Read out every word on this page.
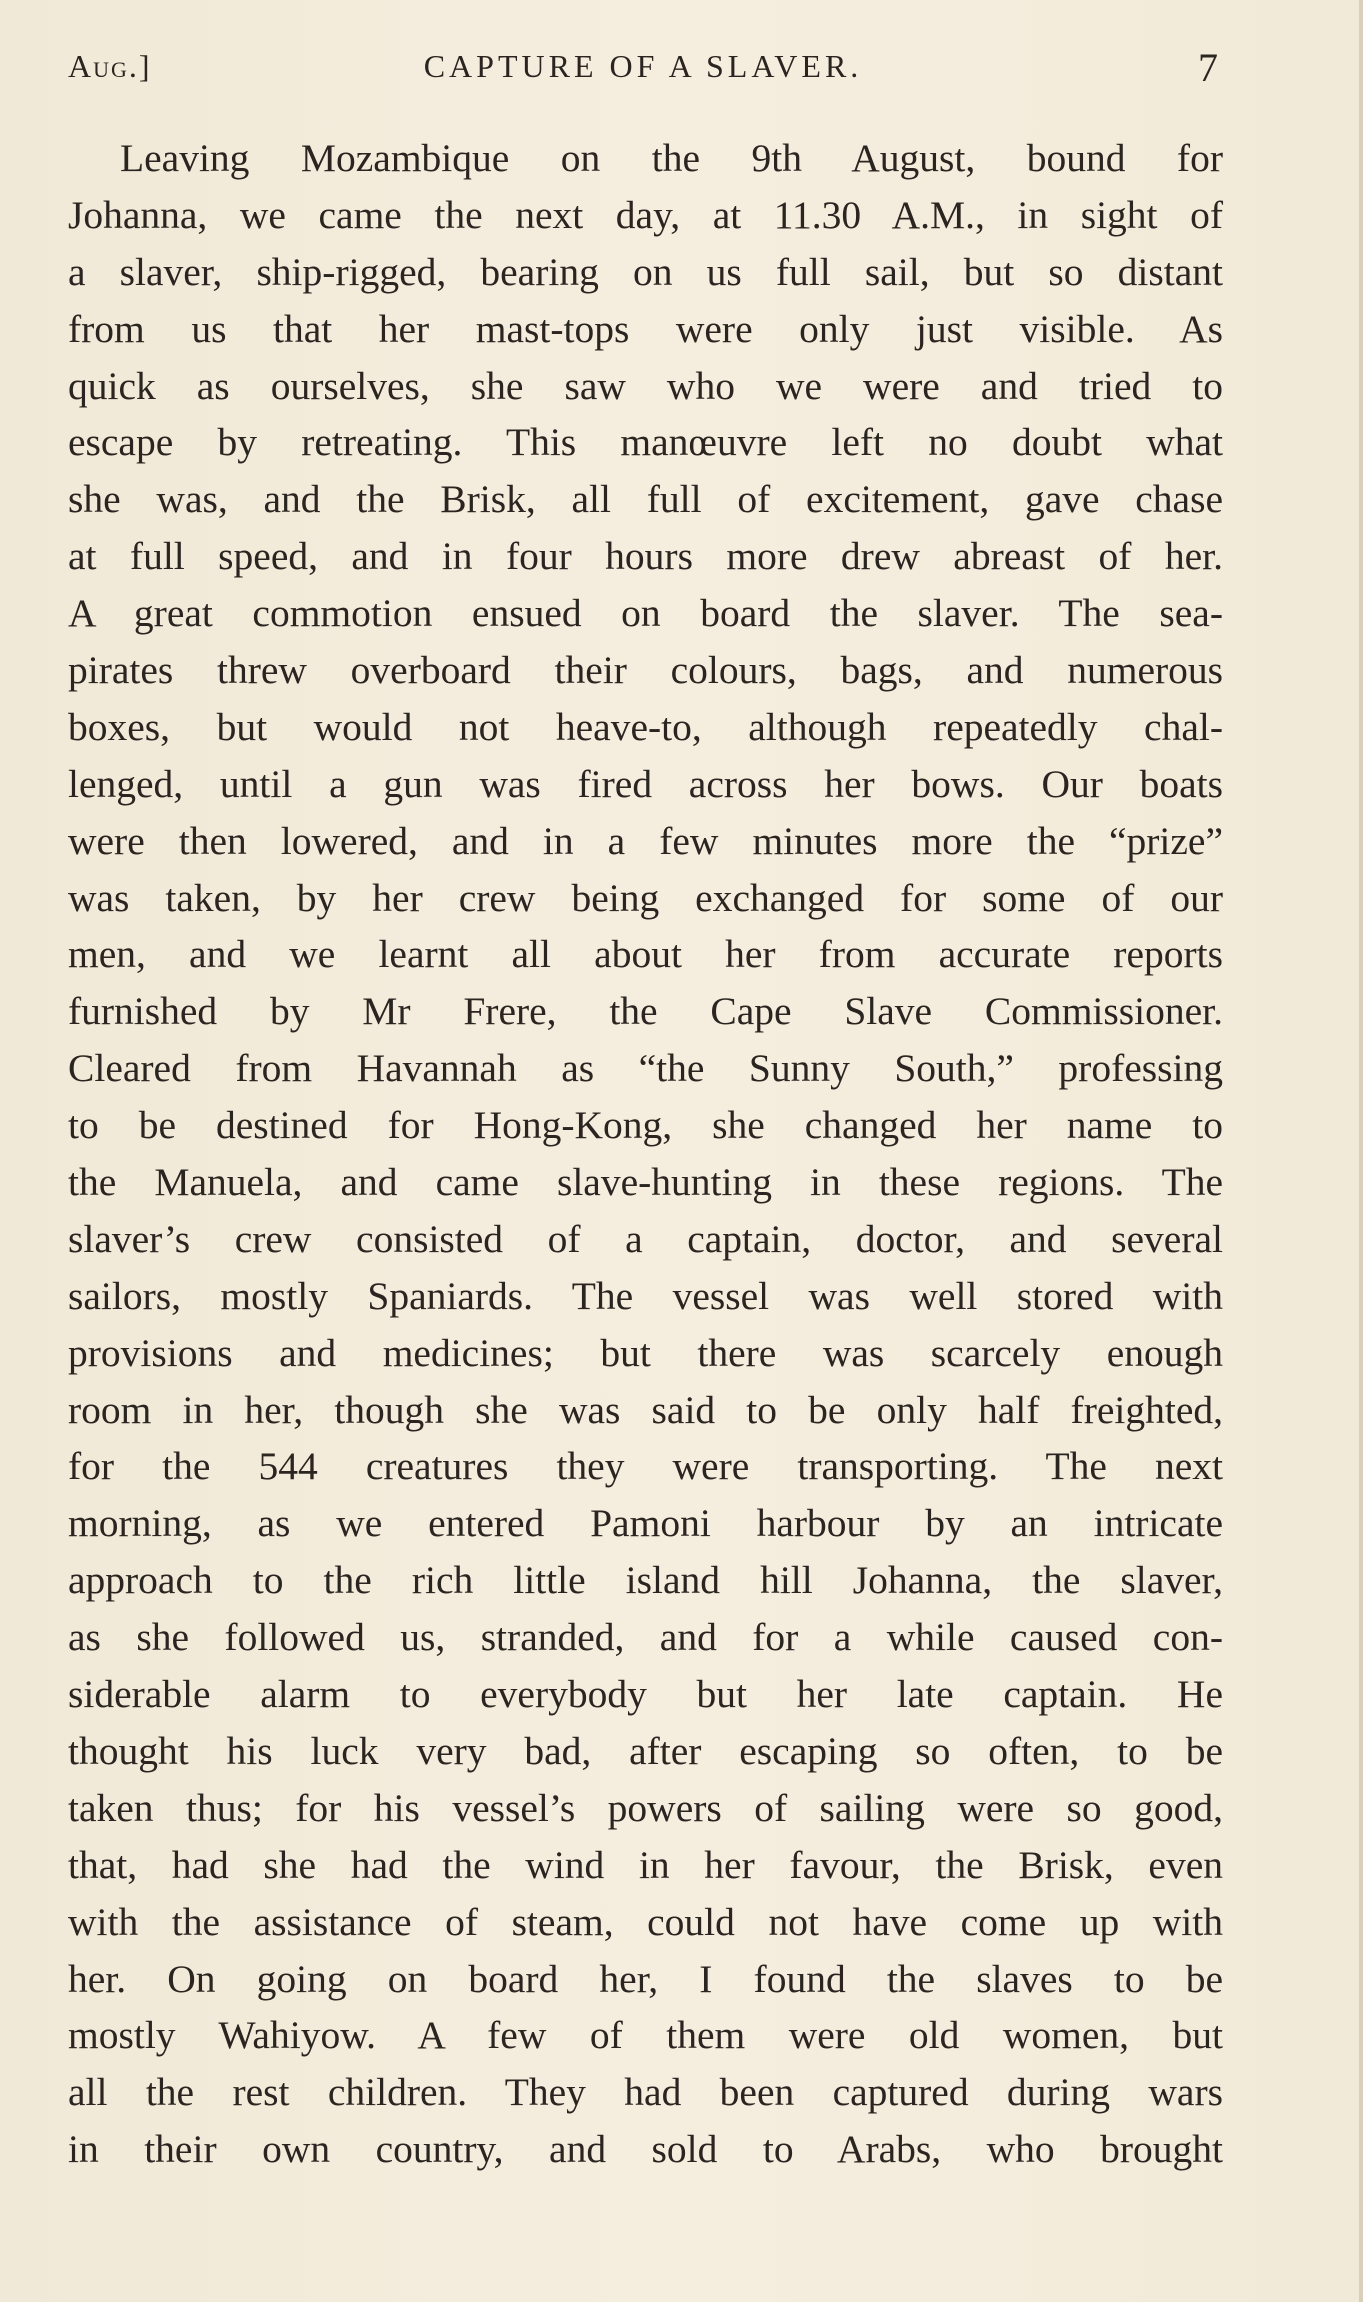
Aug.]	CAPTURE OF A SLAVER.	7
Leaving Mozambique on the 9th August, bound for
Johanna, we came the next day, at 11.30 A.M., in sight of
a slaver, ship-rigged, bearing on us full sail, but so distant
from us that her mast-tops were only just visible. As
quick as ourselves, she saw who we were and tried to
escape by retreating. This manœuvre left no doubt what
she was, and the Brisk, all full of excitement, gave chase
at full speed, and in four hours more drew abreast of her.
A great commotion ensued on board the slaver. The sea-
pirates threw overboard their colours, bags, and numerous
boxes, but would not heave-to, although repeatedly chal-
lenged, until a gun was fired across her bows. Our boats
were then lowered, and in a few minutes more the “prize”
was taken, by her crew being exchanged for some of our
men, and we learnt all about her from accurate reports
furnished by Mr Frere, the Cape Slave Commissioner.
Cleared from Havannah as “the Sunny South,” professing
to be destined for Hong-Kong, she changed her name to
the Manuela, and came slave-hunting in these regions. The
slaver’s crew consisted of a captain, doctor, and several
sailors, mostly Spaniards. The vessel was well stored with
provisions and medicines; but there was scarcely enough
room in her, though she was said to be only half freighted,
for the 544 creatures they were transporting. The next
morning, as we entered Pamoni harbour by an intricate
approach to the rich little island hill Johanna, the slaver,
as she followed us, stranded, and for a while caused con-
siderable alarm to everybody but her late captain. He
thought his luck very bad, after escaping so often, to be
taken thus; for his vessel’s powers of sailing were so good,
that, had she had the wind in her favour, the Brisk, even
with the assistance of steam, could not have come up with
her. On going on board her, I found the slaves to be
mostly Wahiyow. A few of them were old women, but
all the rest children. They had been captured during wars
in their own country, and sold to Arabs, who brought
